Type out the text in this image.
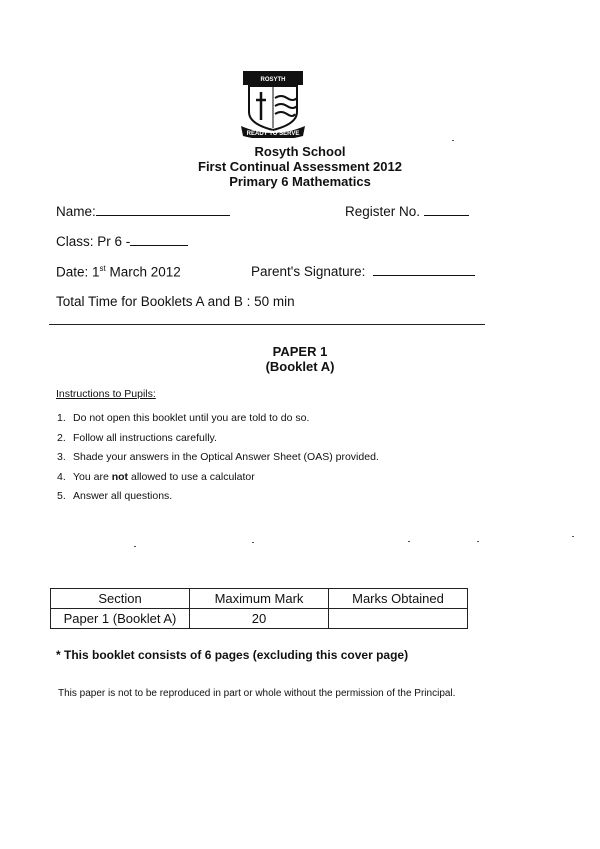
ROSYTH
READY TO SERVE
Rosyth School
First Continual Assessment 2012
Primary 6 Mathematics
Name:	Register No.
Class: Pr 6 -
Date: 1st March 2012	Parent's Signature:
Total Time for Booklets A and B : 50 min
PAPER 1
(Booklet A)
Instructions to Pupils:
1. Do not open this booklet until you are told to do so.
2. Follow all instructions carefully.
3. Shade your answers in the Optical Answer Sheet (OAS) provided.
4. You are not allowed to use a calculator
5. Answer all questions.
Section	Maximum Mark	Marks Obtained
Paper 1 (Booklet A)	20	
* This booklet consists of 6 pages (excluding this cover page)
This paper is not to be reproduced in part or whole without the permission of the Principal.
